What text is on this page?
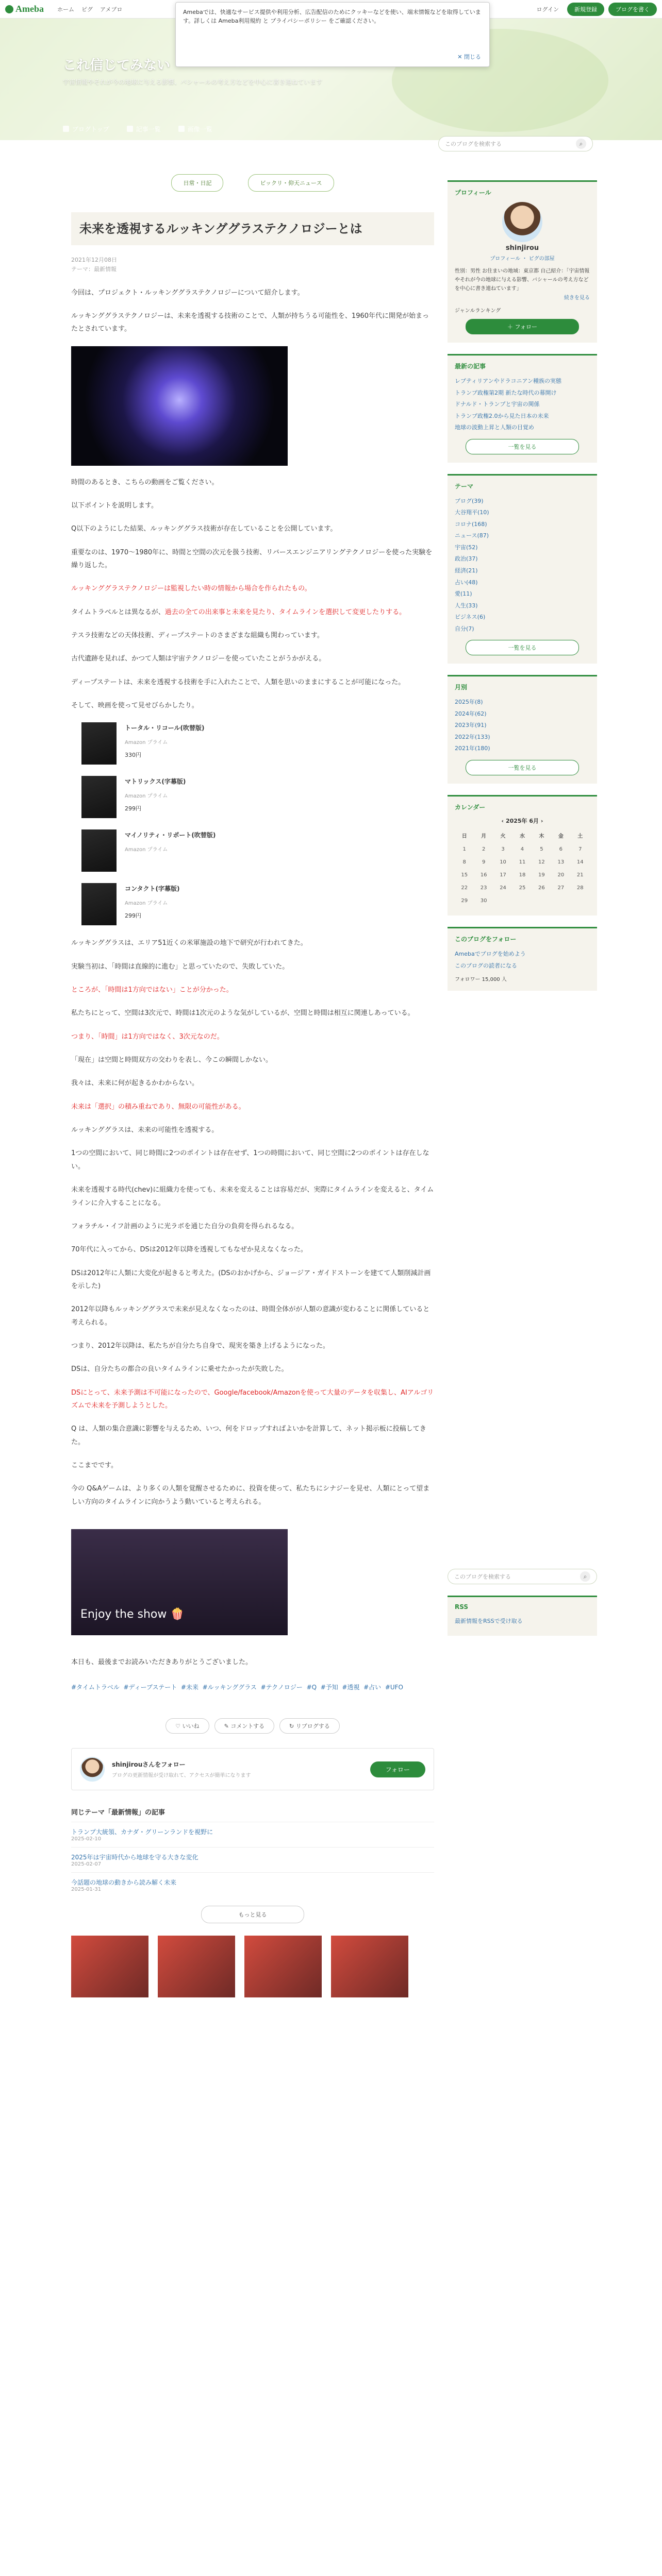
Ameba ホーム ピグ アメブロ	ログイン	新規登録	ブログを書く
これ信じてみない
宇宙情報やそれが今の地球に与える影響、バシャールの考え方などを中心に書き連ねています
ブログトップ	記事一覧	画像一覧
このブログを検索する	⌕
Amebaでは、快適なサービス提供や利用分析、広告配信のためにクッキーなどを使い、端末情報などを取得しています。詳しくは Ameba利用規約 と プライバシーポリシー をご確認ください。
✕ 閉じる
日常・日記	ビックリ・仰天ニュース
未来を透視するルッキンググラステクノロジーとは
2021年12月08日
テーマ：最新情報

今回は、プロジェクト・ルッキンググラステクノロジーについて紹介します。

ルッキンググラステクノロジーは、未来を透視する技術のことで、人類が持ちうる可能性を、1960年代に開発が始まったとされています。

時間のあるとき、こちらの動画をご覧ください。

以下ポイントを説明します。

Q以下のようにした結果、ルッキンググラス技術が存在していることを公開しています。

重要なのは、1970〜1980年に、時間と空間の次元を扱う技術、リバースエンジニアリングテクノロジーを使った実験を繰り返した。

ルッキンググラステクノロジーは監視したい時の情報から場合を作られたもの。

タイムトラベルとは異なるが、過去の全ての出来事と未来を見たり、タイムラインを選択して変更したりする。

テスラ技術などの天体技術、ディープステートのさまざまな組織も関わっています。

古代遺跡を見れば、かつて人類は宇宙テクノロジーを使っていたことがうかがえる。

ディープステートは、未来を透視する技術を手に入れたことで、人類を思いのままにすることが可能になった。

そして、映画を使って見せびらかしたり。

トータル・リコール(吹替版)
Amazon プライム
330円
マトリックス(字幕版)
Amazon プライム
299円
マイノリティ・リポート(吹替版)
Amazon プライム
コンタクト(字幕版)
Amazon プライム
299円

ルッキンググラスは、エリア51近くの米軍施設の地下で研究が行われてきた。

実験当初は、「時間は直線的に進む」と思っていたので、失敗していた。

ところが、「時間は1方向ではない」ことが分かった。

私たちにとって、空間は3次元で、時間は1次元のような気がしているが、空間と時間は相互に関連しあっている。

つまり、「時間」は1方向ではなく、3次元なのだ。

「現在」は空間と時間双方の交わりを表し、今この瞬間しかない。

我々は、未来に何が起きるかわからない。

未来は「選択」の積み重ねであり、無限の可能性がある。

ルッキンググラスは、未来の可能性を透視する。

1つの空間において、同じ時間に2つのポイントは存在せず、1つの時間において、同じ空間に2つのポイントは存在しない。

未来を透視する時代(chev)に組織力を使っても、未来を変えることは容易だが、実際にタイムラインを変えると、タイムラインに介入することになる。

フォラチル・イフ計画のように光ラボを通じた自分の負荷を得られるなる。

70年代に入ってから、DSは2012年以降を透視してもなぜか見えなくなった。

DSは2012年に人類に大変化が起きると考えた。(DSのおかげから、ジョージア・ガイドストーンを建てて人類削減計画を示した)

2012年以降もルッキンググラスで未来が見えなくなったのは、時間全体がが人類の意識が変わることに関係していると考えられる。

つまり、2012年以降は、私たちが自分たち自身で、現実を築き上げるようになった。

DSは、自分たちの都合の良いタイムラインに乗せたかったが失敗した。

DSにとって、未来予測は不可能になったので、Google/facebook/Amazonを使って大量のデータを収集し、AIアルゴリズムで未来を予測しようとした。

Q は、人類の集合意識に影響を与えるため、いつ、何をドロップすればよいかを計算して、ネット掲示板に投稿してきた。

ここまでです。

今の Q&Aゲームは、より多くの人類を覚醒させるために、投資を使って、私たちにシナジーを見せ、人類にとって望ましい方向のタイムラインに向かうよう動いていると考えられる。

Enjoy the show 🍿

本日も、最後までお読みいただきありがとうございました。

#タイムトラベル #ディープステート #未来 #ルッキンググラス #テクノロジー #Q #予知 #透視 #占い #UFO
♡ いいね	✎ コメントする	↻ リブログする
shinjirouさんをフォロー
ブログの更新情報が受け取れて、アクセスが簡単になります
フォロー
同じテーマ「最新情報」の記事
トランプ大統領、カナダ・グリーンランドを視野に
2025-02-10
2025年は宇宙時代から地球を守る大きな変化
2025-02-07
今話題の地球の動きから読み解く未来
2025-01-31
もっと見る
プロフィール
shinjirou
プロフィール ・ ピグの部屋
性別：男性 お住まいの地域：東京都 自己紹介：「宇宙情報やそれが今の地球に与える影響、バシャールの考え方などを中心に書き連ねています」
続きを見る
ジャンルランキング
＋ フォロー
最新の記事
レプティリアンやドラコニアン種族の実態
トランプ政権第2期 新たな時代の幕開け
ドナルド・トランプと宇宙の関係
トランプ政権2.0から見た日本の未来
地球の波動上昇と人類の目覚め
一覧を見る
テーマ
ブログ(39)
大谷翔平(10)
コロナ(168)
ニュース(87)
宇宙(52)
政治(37)
経済(21)
占い(48)
愛(11)
人生(33)
ビジネス(6)
自分(7)
一覧を見る
月別
2025年(8)
2024年(62)
2023年(91)
2022年(133)
2021年(180)
一覧を見る
カレンダー
‹ 2025年 6月 ›
日	月	火	水	木	金	土
1	2	3	4	5	6	7
8	9	10	11	12	13	14
15	16	17	18	19	20	21
22	23	24	25	26	27	28
29	30					
このブログをフォロー
Amebaでブログを始めよう
このブログの読者になる
フォロワー 15,000 人
このブログを検索する	⌕
RSS
最新情報をRSSで受け取る
